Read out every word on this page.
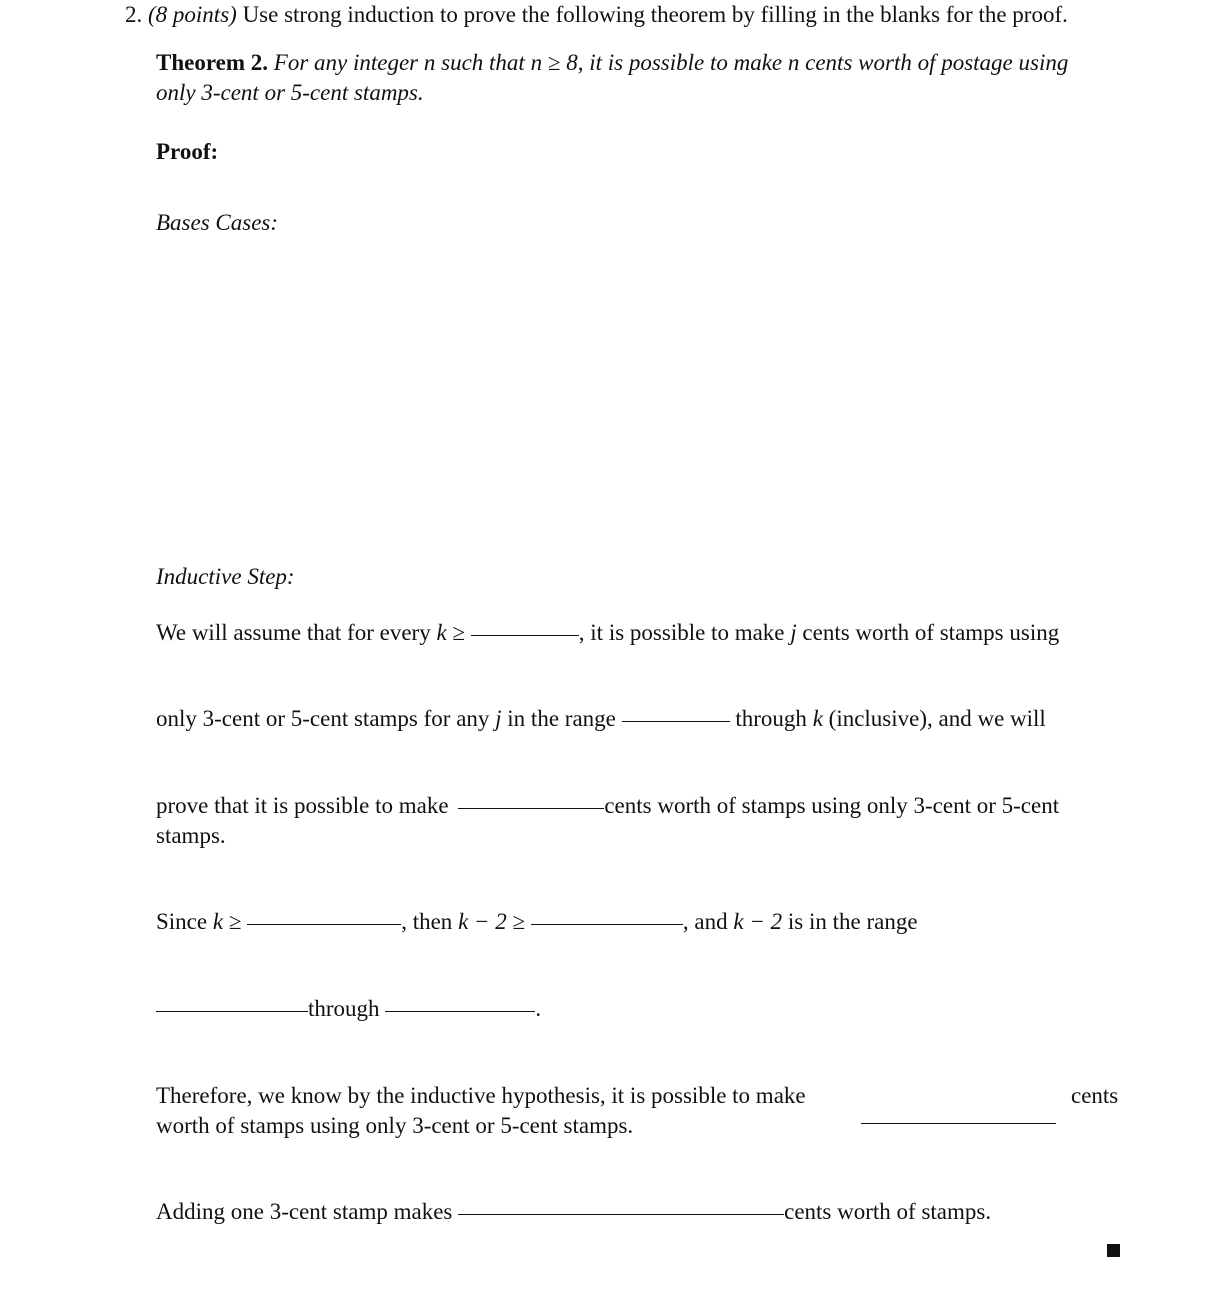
2. (8 points) Use strong induction to prove the following theorem by filling in the blanks for the proof.
Theorem 2. For any integer n such that n ≥ 8, it is possible to make n cents worth of postage using
only 3-cent or 5-cent stamps.
Proof:
Bases Cases:
Inductive Step:
We will assume that for every k ≥	, it is possible to make j cents worth of stamps using
only 3-cent or 5-cent stamps for any j in the range	through k (inclusive), and we will
prove that it is possible to make	cents worth of stamps using only 3-cent or 5-cent
stamps.
Since k ≥	, then k − 2 ≥	, and k − 2 is in the range
through	.
Therefore, we know by the inductive hypothesis, it is possible to make	cents
worth of stamps using only 3-cent or 5-cent stamps.
Adding one 3-cent stamp makes	cents worth of stamps.
